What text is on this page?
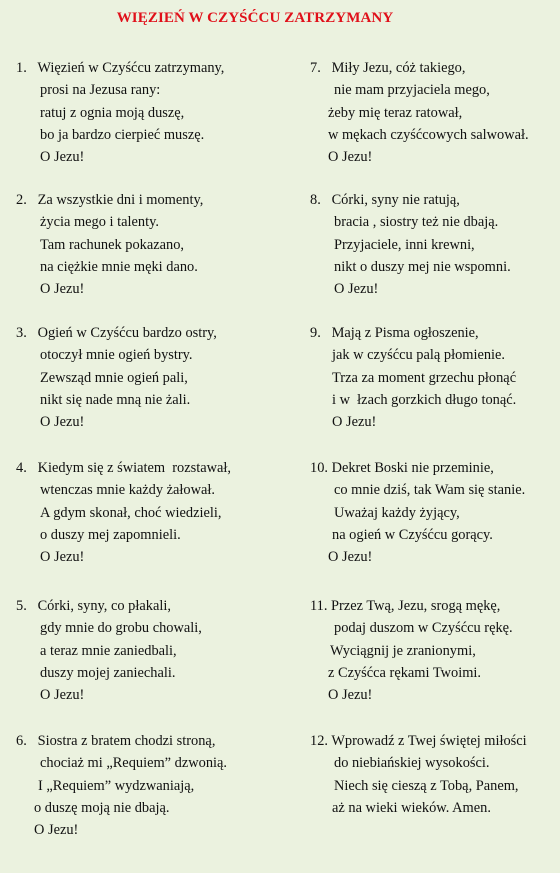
WIĘZIEŃ W CZYŚĆCU ZATRZYMANY
1.   Więzień w Czyśćcu zatrzymany,
prosi na Jezusa rany:
ratuj z ognia moją duszę,
bo ja bardzo cierpieć muszę.
O Jezu!
2.   Za wszystkie dni i momenty,
życia mego i talenty.
Tam rachunek pokazano,
na ciężkie mnie męki dano.
O Jezu!
3.   Ogień w Czyśćcu bardzo ostry,
otoczył mnie ogień bystry.
Zewsząd mnie ogień pali,
nikt się nade mną nie żali.
O Jezu!
4.   Kiedym się z światem  rozstawał,
wtenczas mnie każdy żałował.
A gdym skonał, choć wiedzieli,
o duszy mej zapomnieli.
O Jezu!
5.   Córki, syny, co płakali,
gdy mnie do grobu chowali,
a teraz mnie zaniedbali,
duszy mojej zaniechali.
O Jezu!
6.   Siostra z bratem chodzi stroną,
chociaż mi „Requiem” dzwonią.
I „Requiem” wydzwaniają,
o duszę moją nie dbają.
O Jezu!
7.   Miły Jezu, cóż takiego,
nie mam przyjaciela mego,
żeby mię teraz ratował,
w mękach czyśćcowych salwował.
O Jezu!
8.   Córki, syny nie ratują,
bracia , siostry też nie dbają.
Przyjaciele, inni krewni,
nikt o duszy mej nie wspomni.
O Jezu!
9.   Mają z Pisma ogłoszenie,
jak w czyśćcu palą płomienie.
Trza za moment grzechu płonąć
i w  łzach gorzkich długo tonąć.
O Jezu!
10. Dekret Boski nie przeminie,
co mnie dziś, tak Wam się stanie.
Uważaj każdy żyjący,
na ogień w Czyśćcu gorący.
O Jezu!
11. Przez Twą, Jezu, srogą mękę,
podaj duszom w Czyśćcu rękę.
Wyciągnij je zranionymi,
z Czyśćca rękami Twoimi.
O Jezu!
12. Wprowadź z Twej świętej miłości
do niebiańskiej wysokości.
Niech się cieszą z Tobą, Panem,
aż na wieki wieków. Amen.
